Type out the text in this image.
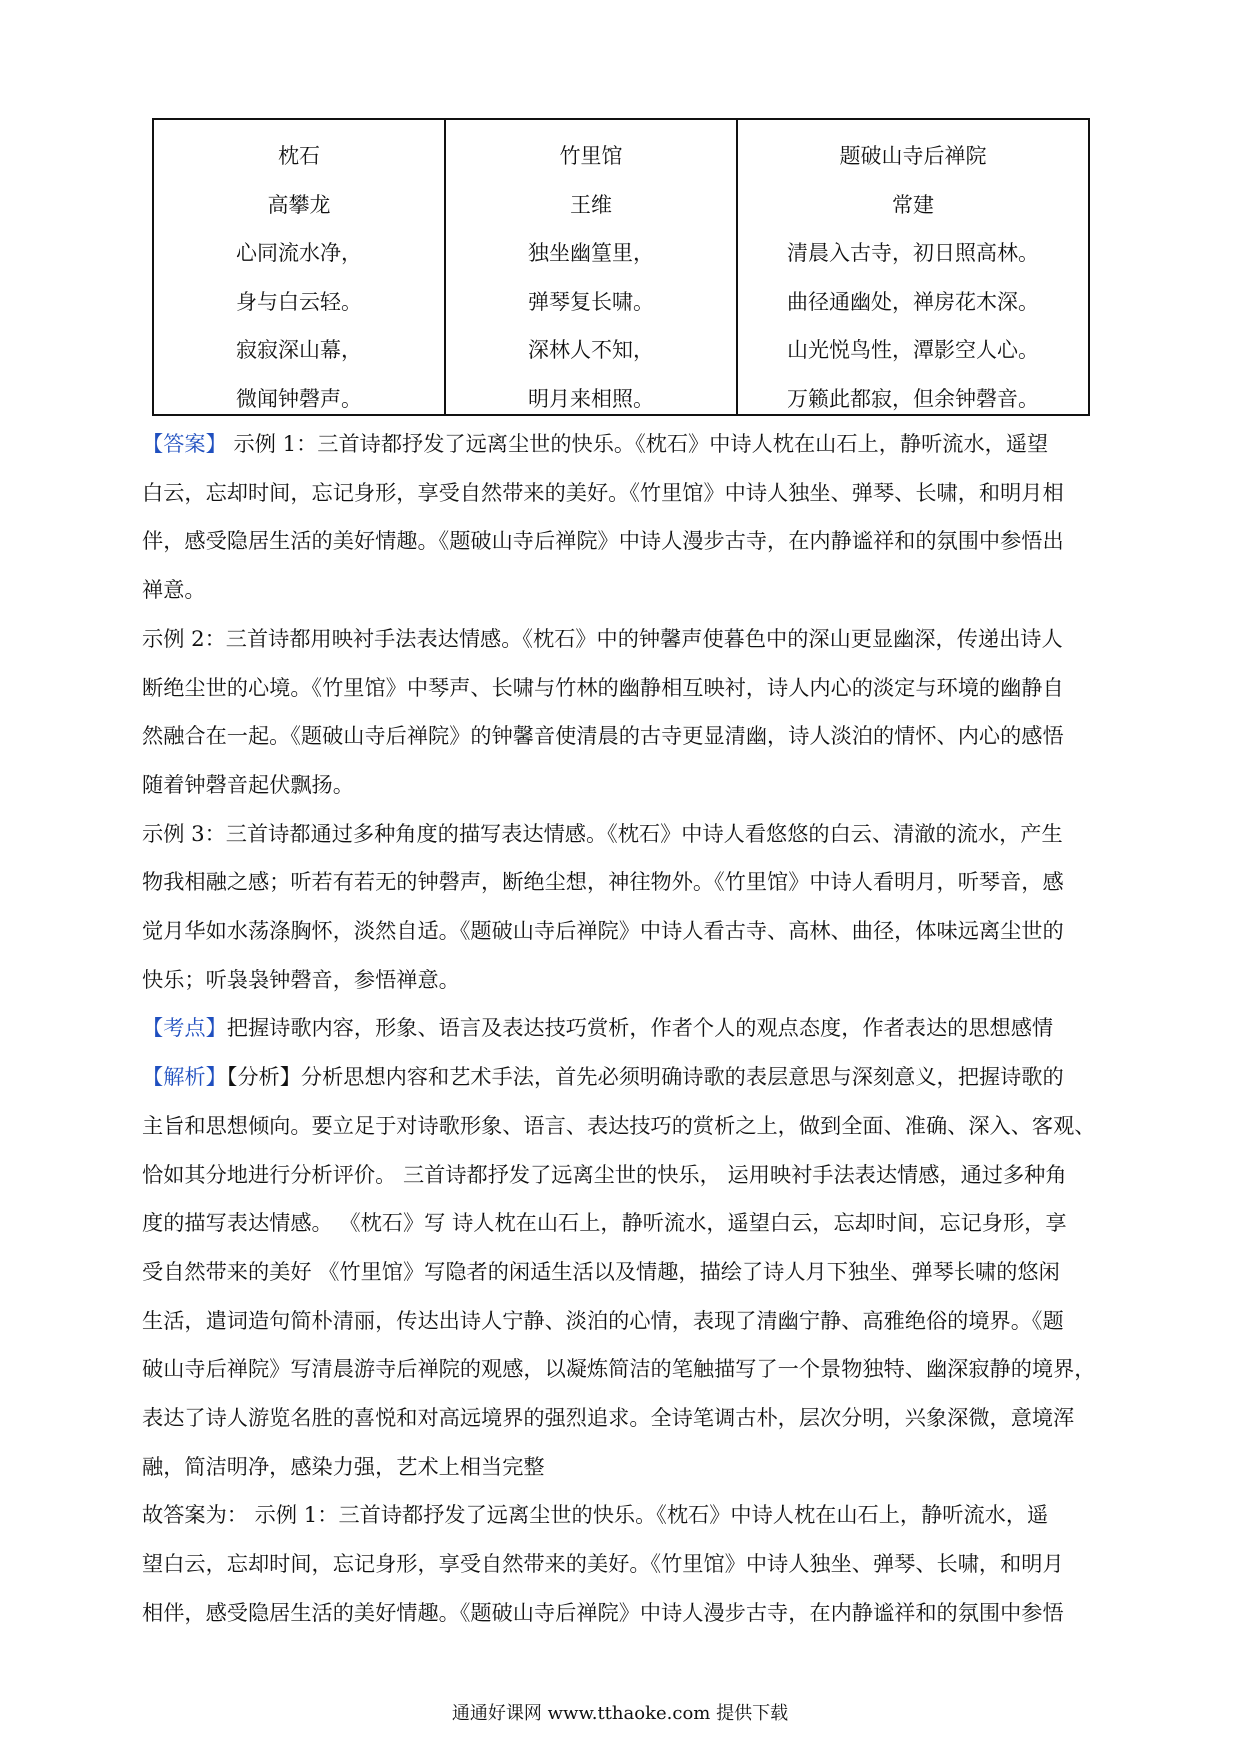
枕石
高攀龙
心同流水净，
身与白云轻。
寂寂深山幕，
微闻钟磬声。
竹里馆
王维
独坐幽篁里，
弹琴复长啸。
深林人不知，
明月来相照。
题破山寺后禅院
常建
清晨入古寺，初日照高林。
曲径通幽处，禅房花木深。
山光悦鸟性，潭影空人心。
万籁此都寂，但余钟磬音。

【答案】 示例 1：三首诗都抒发了远离尘世的快乐。《枕石》中诗人枕在山石上，静听流水，遥望

白云，忘却时间，忘记身形，享受自然带来的美好。《竹里馆》中诗人独坐、弹琴、长啸，和明月相

伴，感受隐居生活的美好情趣。《题破山寺后禅院》中诗人漫步古寺，在内静谧祥和的氛围中参悟出

禅意。

示例 2：三首诗都用映衬手法表达情感。《枕石》中的钟馨声使暮色中的深山更显幽深，传递出诗人

断绝尘世的心境。《竹里馆》中琴声、长啸与竹林的幽静相互映衬，诗人内心的淡定与环境的幽静自

然融合在一起。《题破山寺后禅院》的钟馨音使清晨的古寺更显清幽，诗人淡泊的情怀、内心的感悟

随着钟磬音起伏飘扬。

示例 3：三首诗都通过多种角度的描写表达情感。《枕石》中诗人看悠悠的白云、清澈的流水，产生

物我相融之感；听若有若无的钟磬声，断绝尘想，神往物外。《竹里馆》中诗人看明月，听琴音，感

觉月华如水荡涤胸怀，淡然自适。《题破山寺后禅院》中诗人看古寺、高林、曲径，体味远离尘世的

快乐；听袅袅钟磬音，参悟禅意。

【考点】把握诗歌内容，形象、语言及表达技巧赏析，作者个人的观点态度，作者表达的思想感情

【解析】【分析】分析思想内容和艺术手法，首先必须明确诗歌的表层意思与深刻意义，把握诗歌的

主旨和思想倾向。要立足于对诗歌形象、语言、表达技巧的赏析之上，做到全面、准确、深入、客观、

恰如其分地进行分析评价。 三首诗都抒发了远离尘世的快乐， 运用映衬手法表达情感，通过多种角

度的描写表达情感。 《枕石》写 诗人枕在山石上，静听流水，遥望白云，忘却时间，忘记身形，享

受自然带来的美好 《竹里馆》写隐者的闲适生活以及情趣，描绘了诗人月下独坐、弹琴长啸的悠闲

生活，遣词造句简朴清丽，传达出诗人宁静、淡泊的心情，表现了清幽宁静、高雅绝俗的境界。《题

破山寺后禅院》写清晨游寺后禅院的观感，以凝炼简洁的笔触描写了一个景物独特、幽深寂静的境界，

表达了诗人游览名胜的喜悦和对高远境界的强烈追求。全诗笔调古朴，层次分明，兴象深微，意境浑

融，简洁明净，感染力强，艺术上相当完整

故答案为： 示例 1：三首诗都抒发了远离尘世的快乐。《枕石》中诗人枕在山石上，静听流水，遥

望白云，忘却时间，忘记身形，享受自然带来的美好。《竹里馆》中诗人独坐、弹琴、长啸，和明月

相伴，感受隐居生活的美好情趣。《题破山寺后禅院》中诗人漫步古寺，在内静谧祥和的氛围中参悟

通通好课网 www.tthaoke.com 提供下载
